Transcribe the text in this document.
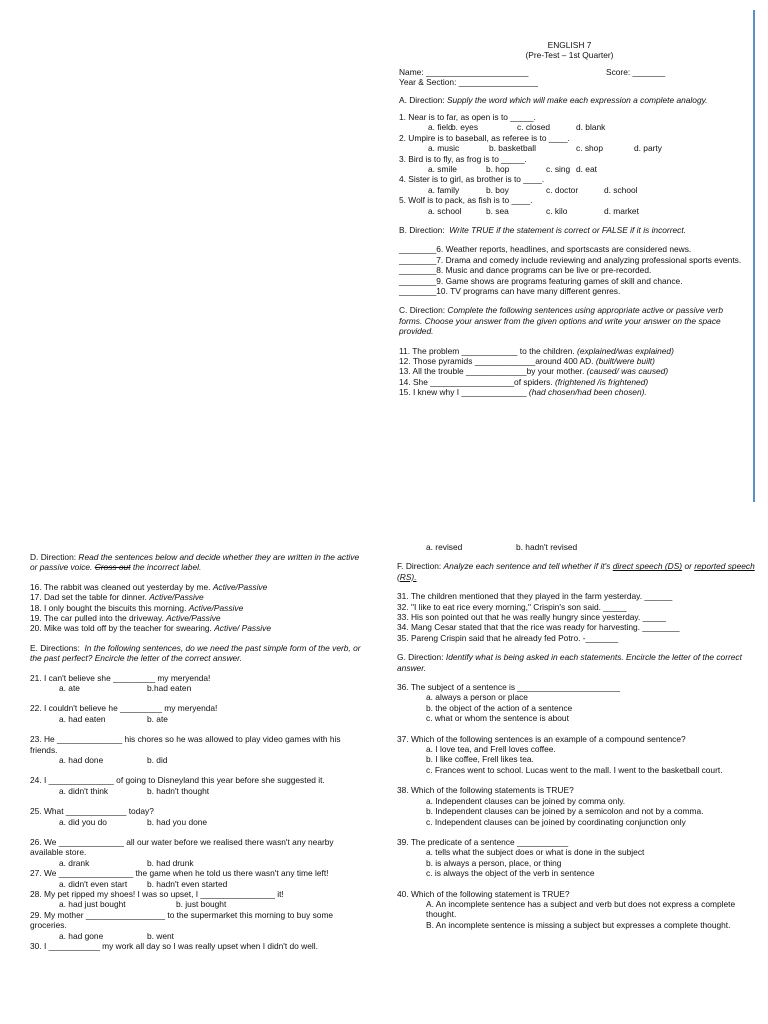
ENGLISH 7
(Pre-Test – 1st Quarter)
Name: ______________________	Score: _______
Year & Section: _________________
A. Direction: Supply the word which will make each expression a complete analogy.

1. Near is to far, as open is to _____.

a. field
b. eyes	c. closed	d. blank

2. Umpire is to baseball, as referee is to ____.

a. music	b. basketball	c. shop	d. party

3. Bird is to fly, as frog is to _____.

a. smile	b. hop	c. sing d. eat

4. Sister is to girl, as brother is to ____.

a. family	b. boy	c. doctor	d. school

5. Wolf is to pack, as fish is to ____.

a. school	b. sea	c. kilo	d. market
B. Direction: Write TRUE if the statement is correct or FALSE if it is incorrect.

________6. Weather reports, headlines, and sportscasts are considered news.

________7. Drama and comedy include reviewing and analyzing professional sports events.

________8. Music and dance programs can be live or pre-recorded.

________9. Game shows are programs featuring games of skill and chance.

________10. TV programs can have many different genres.

C. Direction: Complete the following sentences using appropriate active or passive verb forms. Choose your answer from the given options and write your answer on the space provided.

11. The problem ____________ to the children. (explained/was explained)

12. Those pyramids _____________around 400 AD. (built/were built)

13. All the trouble _____________by your mother. (caused/ was caused)

14. She __________________of spiders. (frightened /is frightened)

15. I knew why I ______________ (had chosen/had been chosen).

D. Direction: Read the sentences below and decide whether they are written in the active or passive voice. Cross out the incorrect label.

16. The rabbit was cleaned out yesterday by me. Active/Passive

17. Dad set the table for dinner. Active/Passive

18. I only bought the biscuits this morning. Active/Passive

19. The car pulled into the driveway. Active/Passive

20. Mike was told off by the teacher for swearing. Active/ Passive

E. Directions: In the following sentences, do we need the past simple form of the verb, or the past perfect? Encircle the letter of the correct answer.

21. I can't believe she _________ my meryenda!

a. ate	b.had eaten

22. I couldn't believe he _________ my meryenda!

a. had eaten	b. ate

23. He ______________ his chores so he was allowed to play video games with his friends.

a. had done	b. did

24. I ______________ of going to Disneyland this year before she suggested it.

a. didn't think	b. hadn't thought

25. What _____________ today?

a. did you do	b. had you done

26. We ______________ all our water before we realised there wasn't any nearby available store.

a. drank	b. had drunk

27. We ________________ the game when he told us there wasn't any time left!

a. didn't even start b. hadn't even started

28. My pet ripped my shoes! I was so upset, I ________________ it!

a. had just bought	b. just bought

29. My mother _________________ to the supermarket this morning to buy some groceries.

a. had gone	b. went

30. I ___________ my work all day so I was really upset when I didn't do well.

a. revised	b. hadn't revised
F. Direction: Analyze each sentence and tell whether if it's direct speech (DS) or reported speech (RS).

31. The children mentioned that they played in the farm yesterday. ______

32. "I like to eat rice every morning," Crispin's son said. _____

33. His son pointed out that he was really hungry since yesterday. _____

34. Mang Cesar stated that that the rice was ready for harvesting. ________

35. Pareng Crispin said that he already fed Potro. -_______

G. Direction: Identify what is being asked in each statements. Encircle the letter of the correct answer.

36. The subject of a sentence is ______________________

a. always a person or place

b. the object of the action of a sentence

c. what or whom the sentence is about

37. Which of the following sentences is an example of a compound sentence?

a. I love tea, and Frell loves coffee.

b. I like coffee, Frell likes tea.

c. Frances went to school. Lucas went to the mall. I went to the basketball court.

38. Which of the following statements is TRUE?

a. Independent clauses can be joined by comma only.

b. Independent clauses can be joined by a semicolon and not by a comma.

c. Independent clauses can be joined by coordinating conjunction only

39. The predicate of a sentence ___________

a. tells what the subject does or what is done in the subject

b. is always a person, place, or thing

c. is always the object of the verb in sentence

40. Which of the following statement is TRUE?

A. An incomplete sentence has a subject and verb but does not express a complete thought.

B. An incomplete sentence is missing a subject but expresses a complete thought.
